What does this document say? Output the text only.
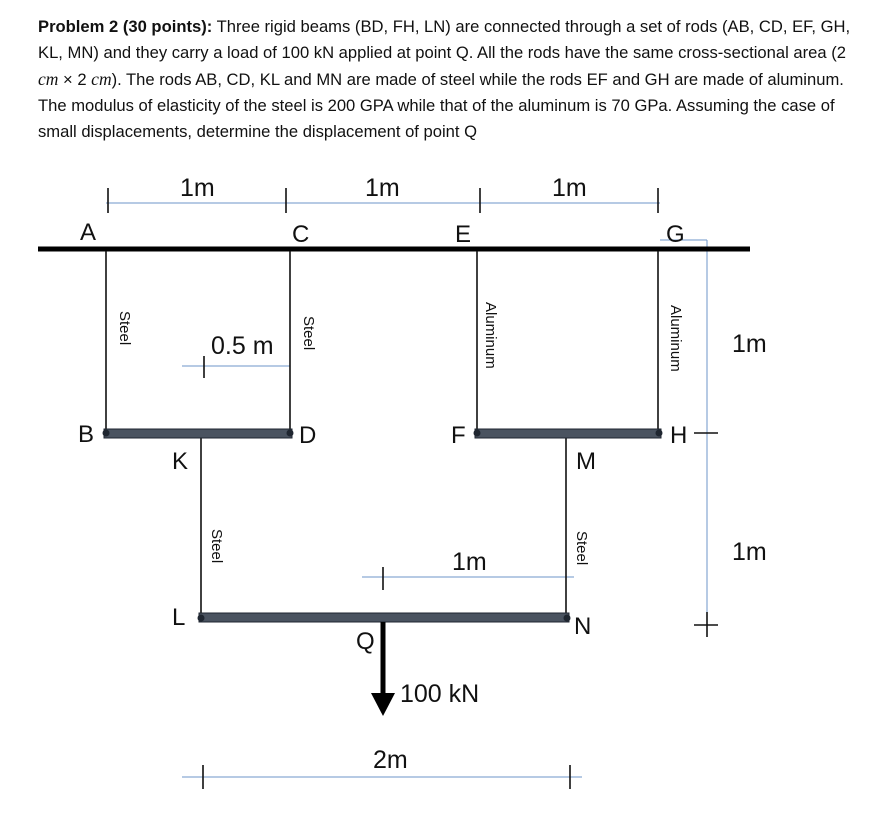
Problem 2 (30 points): Three rigid beams (BD, FH, LN) are connected through a set of rods (AB, CD, EF, GH, KL, MN) and they carry a load of 100 kN applied at point Q. All the rods have the same cross-sectional area (2 cm × 2 cm). The rods AB, CD, KL and MN are made of steel while the rods EF and GH are made of aluminum. The modulus of elasticity of the steel is 200 GPA while that of the aluminum is 70 GPa. Assuming the case of small displacements, determine the displacement of point Q
A	C	E	G
B	D	F	H
K	M
L	N
Q
1m	1m	1m
0.5 m
1m
2m
1m
1m
100 kN
Steel	Steel	Aluminum	Aluminum
Steel	Steel
